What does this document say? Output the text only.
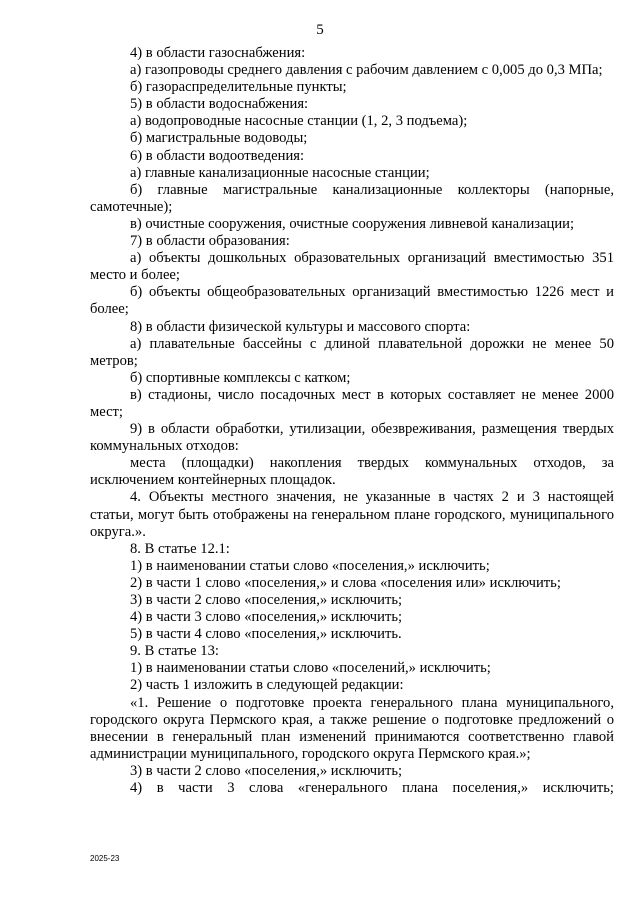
5

4) в области газоснабжения:

а) газопроводы среднего давления с рабочим давлением с 0,005 до 0,3 МПа;

б) газораспределительные пункты;

5) в области водоснабжения:

а) водопроводные насосные станции (1, 2, 3 подъема);

б) магистральные водоводы;

6) в области водоотведения:

а) главные канализационные насосные станции;

б) главные магистральные канализационные коллекторы (напорные, самотечные);

в) очистные сооружения, очистные сооружения ливневой канализации;

7) в области образования:

а) объекты дошкольных образовательных организаций вместимостью 351 место и более;

б) объекты общеобразовательных организаций вместимостью 1226 мест и более;

8) в области физической культуры и массового спорта:

а) плавательные бассейны с длиной плавательной дорожки не менее 50 метров;

б) спортивные комплексы с катком;

в) стадионы, число посадочных мест в которых составляет не менее 2000 мест;

9) в области обработки, утилизации, обезвреживания, размещения твердых коммунальных отходов:

места (площадки) накопления твердых коммунальных отходов, за исключением контейнерных площадок.

4. Объекты местного значения, не указанные в частях 2 и 3 настоящей статьи, могут быть отображены на генеральном плане городского, муниципального округа.».

8. В статье 12.1:

1) в наименовании статьи слово «поселения,» исключить;

2) в части 1 слово «поселения,» и слова «поселения или» исключить;

3) в части 2 слово «поселения,» исключить;

4) в части 3 слово «поселения,» исключить;

5) в части 4 слово «поселения,» исключить.

9. В статье 13:

1) в наименовании статьи слово «поселений,» исключить;

2) часть 1 изложить в следующей редакции:

«1. Решение о подготовке проекта генерального плана муниципального, городского округа Пермского края, а также решение о подготовке предложений о внесении в генеральный план изменений принимаются соответственно главой администрации муниципального, городского округа Пермского края.»;

3) в части 2 слово «поселения,» исключить;

4) в части 3 слова «генерального плана поселения,» исключить;

2025-23
